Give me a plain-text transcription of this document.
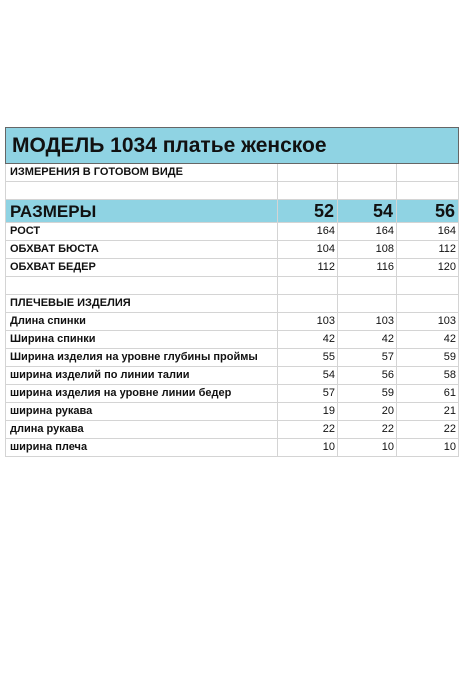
МОДЕЛЬ 1034 платье женское			
ИЗМЕРЕНИЯ В ГОТОВОМ ВИДЕ			

РАЗМЕРЫ	52	54	56
РОСТ	164	164	164
ОБХВАТ БЮСТА	104	108	112
ОБХВАТ БЕДЕР	112	116	120

ПЛЕЧЕВЫЕ ИЗДЕЛИЯ			
Длина спинки	103	103	103
Ширина спинки	42	42	42
Ширина изделия на уровне глубины проймы	55	57	59
ширина изделий по линии талии	54	56	58
ширина изделия на уровне линии бедер	57	59	61
ширина рукава	19	20	21
длина рукава	22	22	22
ширина плеча	10	10	10
